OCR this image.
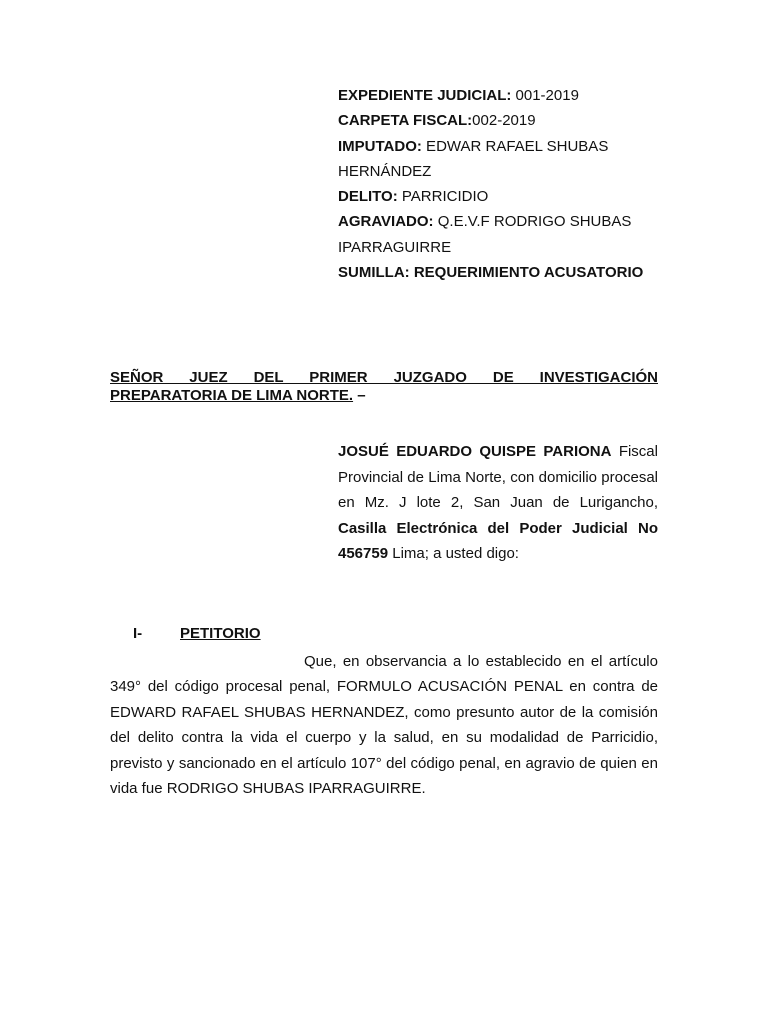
EXPEDIENTE JUDICIAL: 001-2019

CARPETA FISCAL:002-2019

IMPUTADO: EDWAR RAFAEL SHUBAS HERNÁNDEZ

DELITO: PARRICIDIO

AGRAVIADO: Q.E.V.F RODRIGO SHUBAS IPARRAGUIRRE

SUMILLA: REQUERIMIENTO ACUSATORIO

SEÑOR JUEZ DEL PRIMER JUZGADO DE INVESTIGACIÓN
PREPARATORIA DE LIMA NORTE. –
JOSUÉ EDUARDO QUISPE PARIONA Fiscal Provincial de Lima Norte, con domicilio procesal en Mz. J lote 2, San Juan de Lurigancho, Casilla Electrónica del Poder Judicial No 456759 Lima; a usted digo:
I-	PETITORIO
Que, en observancia a lo establecido en el artículo 349° del código procesal penal, FORMULO ACUSACIÓN PENAL en contra de EDWARD RAFAEL SHUBAS HERNANDEZ, como presunto autor de la comisión del delito contra la vida el cuerpo y la salud, en su modalidad de Parricidio, previsto y sancionado en el artículo 107° del código penal, en agravio de quien en vida fue RODRIGO SHUBAS IPARRAGUIRRE.
